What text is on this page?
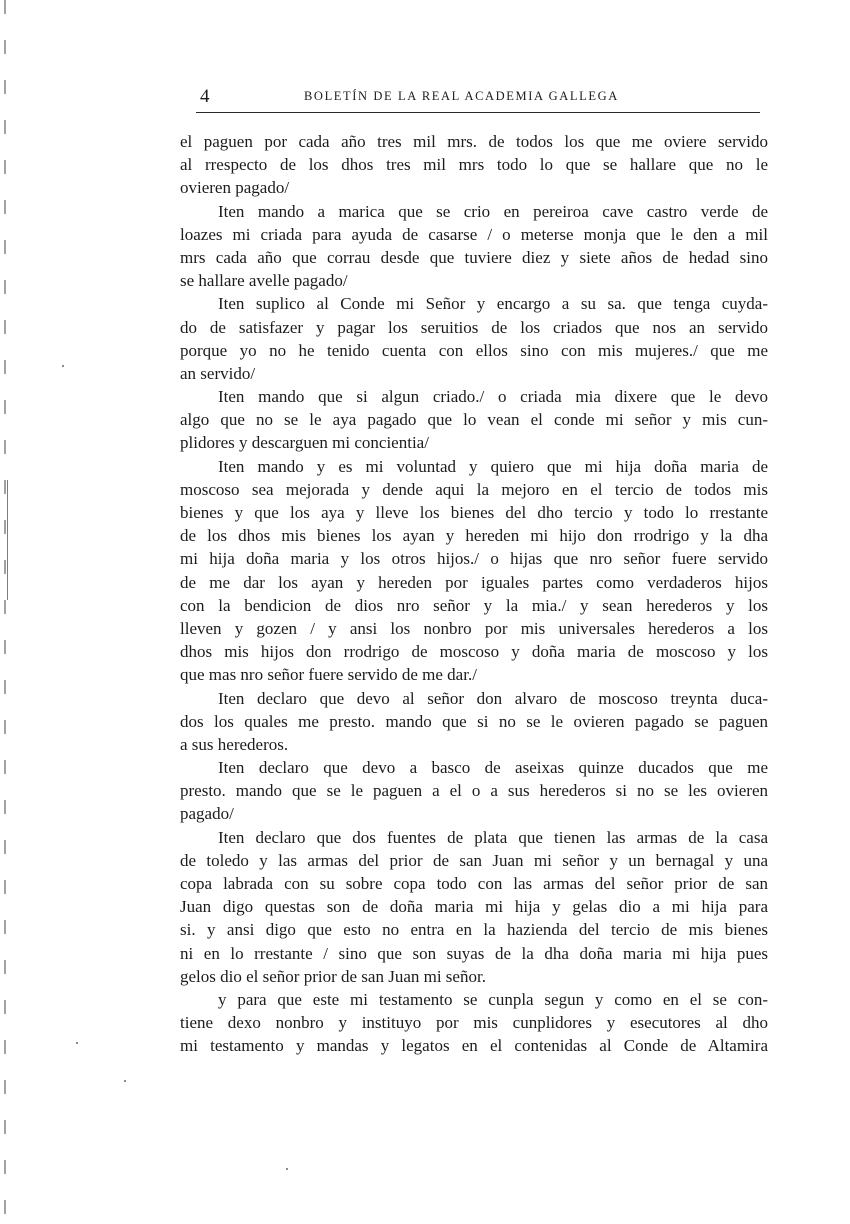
4	BOLETÍN DE LA REAL ACADEMIA GALLEGA
el paguen por cada año tres mil mrs. de todos los que me oviere servido
al rrespecto de los dhos tres mil mrs todo lo que se hallare que no le
ovieren pagado/
Iten mando a marica que se crio en pereiroa cave castro verde de
loazes mi criada para ayuda de casarse / o meterse monja que le den a mil
mrs cada año que corrau desde que tuviere diez y siete años de hedad sino
se hallare avelle pagado/
Iten suplico al Conde mi Señor y encargo a su sa. que tenga cuyda-
do de satisfazer y pagar los seruitios de los criados que nos an servido
porque yo no he tenido cuenta con ellos sino con mis mujeres./ que me
an servido/
Iten mando que si algun criado./ o criada mia dixere que le devo
algo que no se le aya pagado que lo vean el conde mi señor y mis cun-
plidores y descarguen mi concientia/
Iten mando y es mi voluntad y quiero que mi hija doña maria de
moscoso sea mejorada y dende aqui la mejoro en el tercio de todos mis
bienes y que los aya y lleve los bienes del dho tercio y todo lo rrestante
de los dhos mis bienes los ayan y hereden mi hijo don rrodrigo y la dha
mi hija doña maria y los otros hijos./ o hijas que nro señor fuere servido
de me dar los ayan y hereden por iguales partes como verdaderos hijos
con la bendicion de dios nro señor y la mia./ y sean herederos y los
lleven y gozen / y ansi los nonbro por mis universales herederos a los
dhos mis hijos don rrodrigo de moscoso y doña maria de moscoso y los
que mas nro señor fuere servido de me dar./
Iten declaro que devo al señor don alvaro de moscoso treynta duca-
dos los quales me presto. mando que si no se le ovieren pagado se paguen
a sus herederos.
Iten declaro que devo a basco de aseixas quinze ducados que me
presto. mando que se le paguen a el o a sus herederos si no se les ovieren
pagado/
Iten declaro que dos fuentes de plata que tienen las armas de la casa
de toledo y las armas del prior de san Juan mi señor y un bernagal y una
copa labrada con su sobre copa todo con las armas del señor prior de san
Juan digo questas son de doña maria mi hija y gelas dio a mi hija para
si. y ansi digo que esto no entra en la hazienda del tercio de mis bienes
ni en lo rrestante / sino que son suyas de la dha doña maria mi hija pues
gelos dio el señor prior de san Juan mi señor.
y para que este mi testamento se cunpla segun y como en el se con-
tiene dexo nonbro y instituyo por mis cunplidores y esecutores al dho
mi testamento y mandas y legatos en el contenidas al Conde de Altamira
